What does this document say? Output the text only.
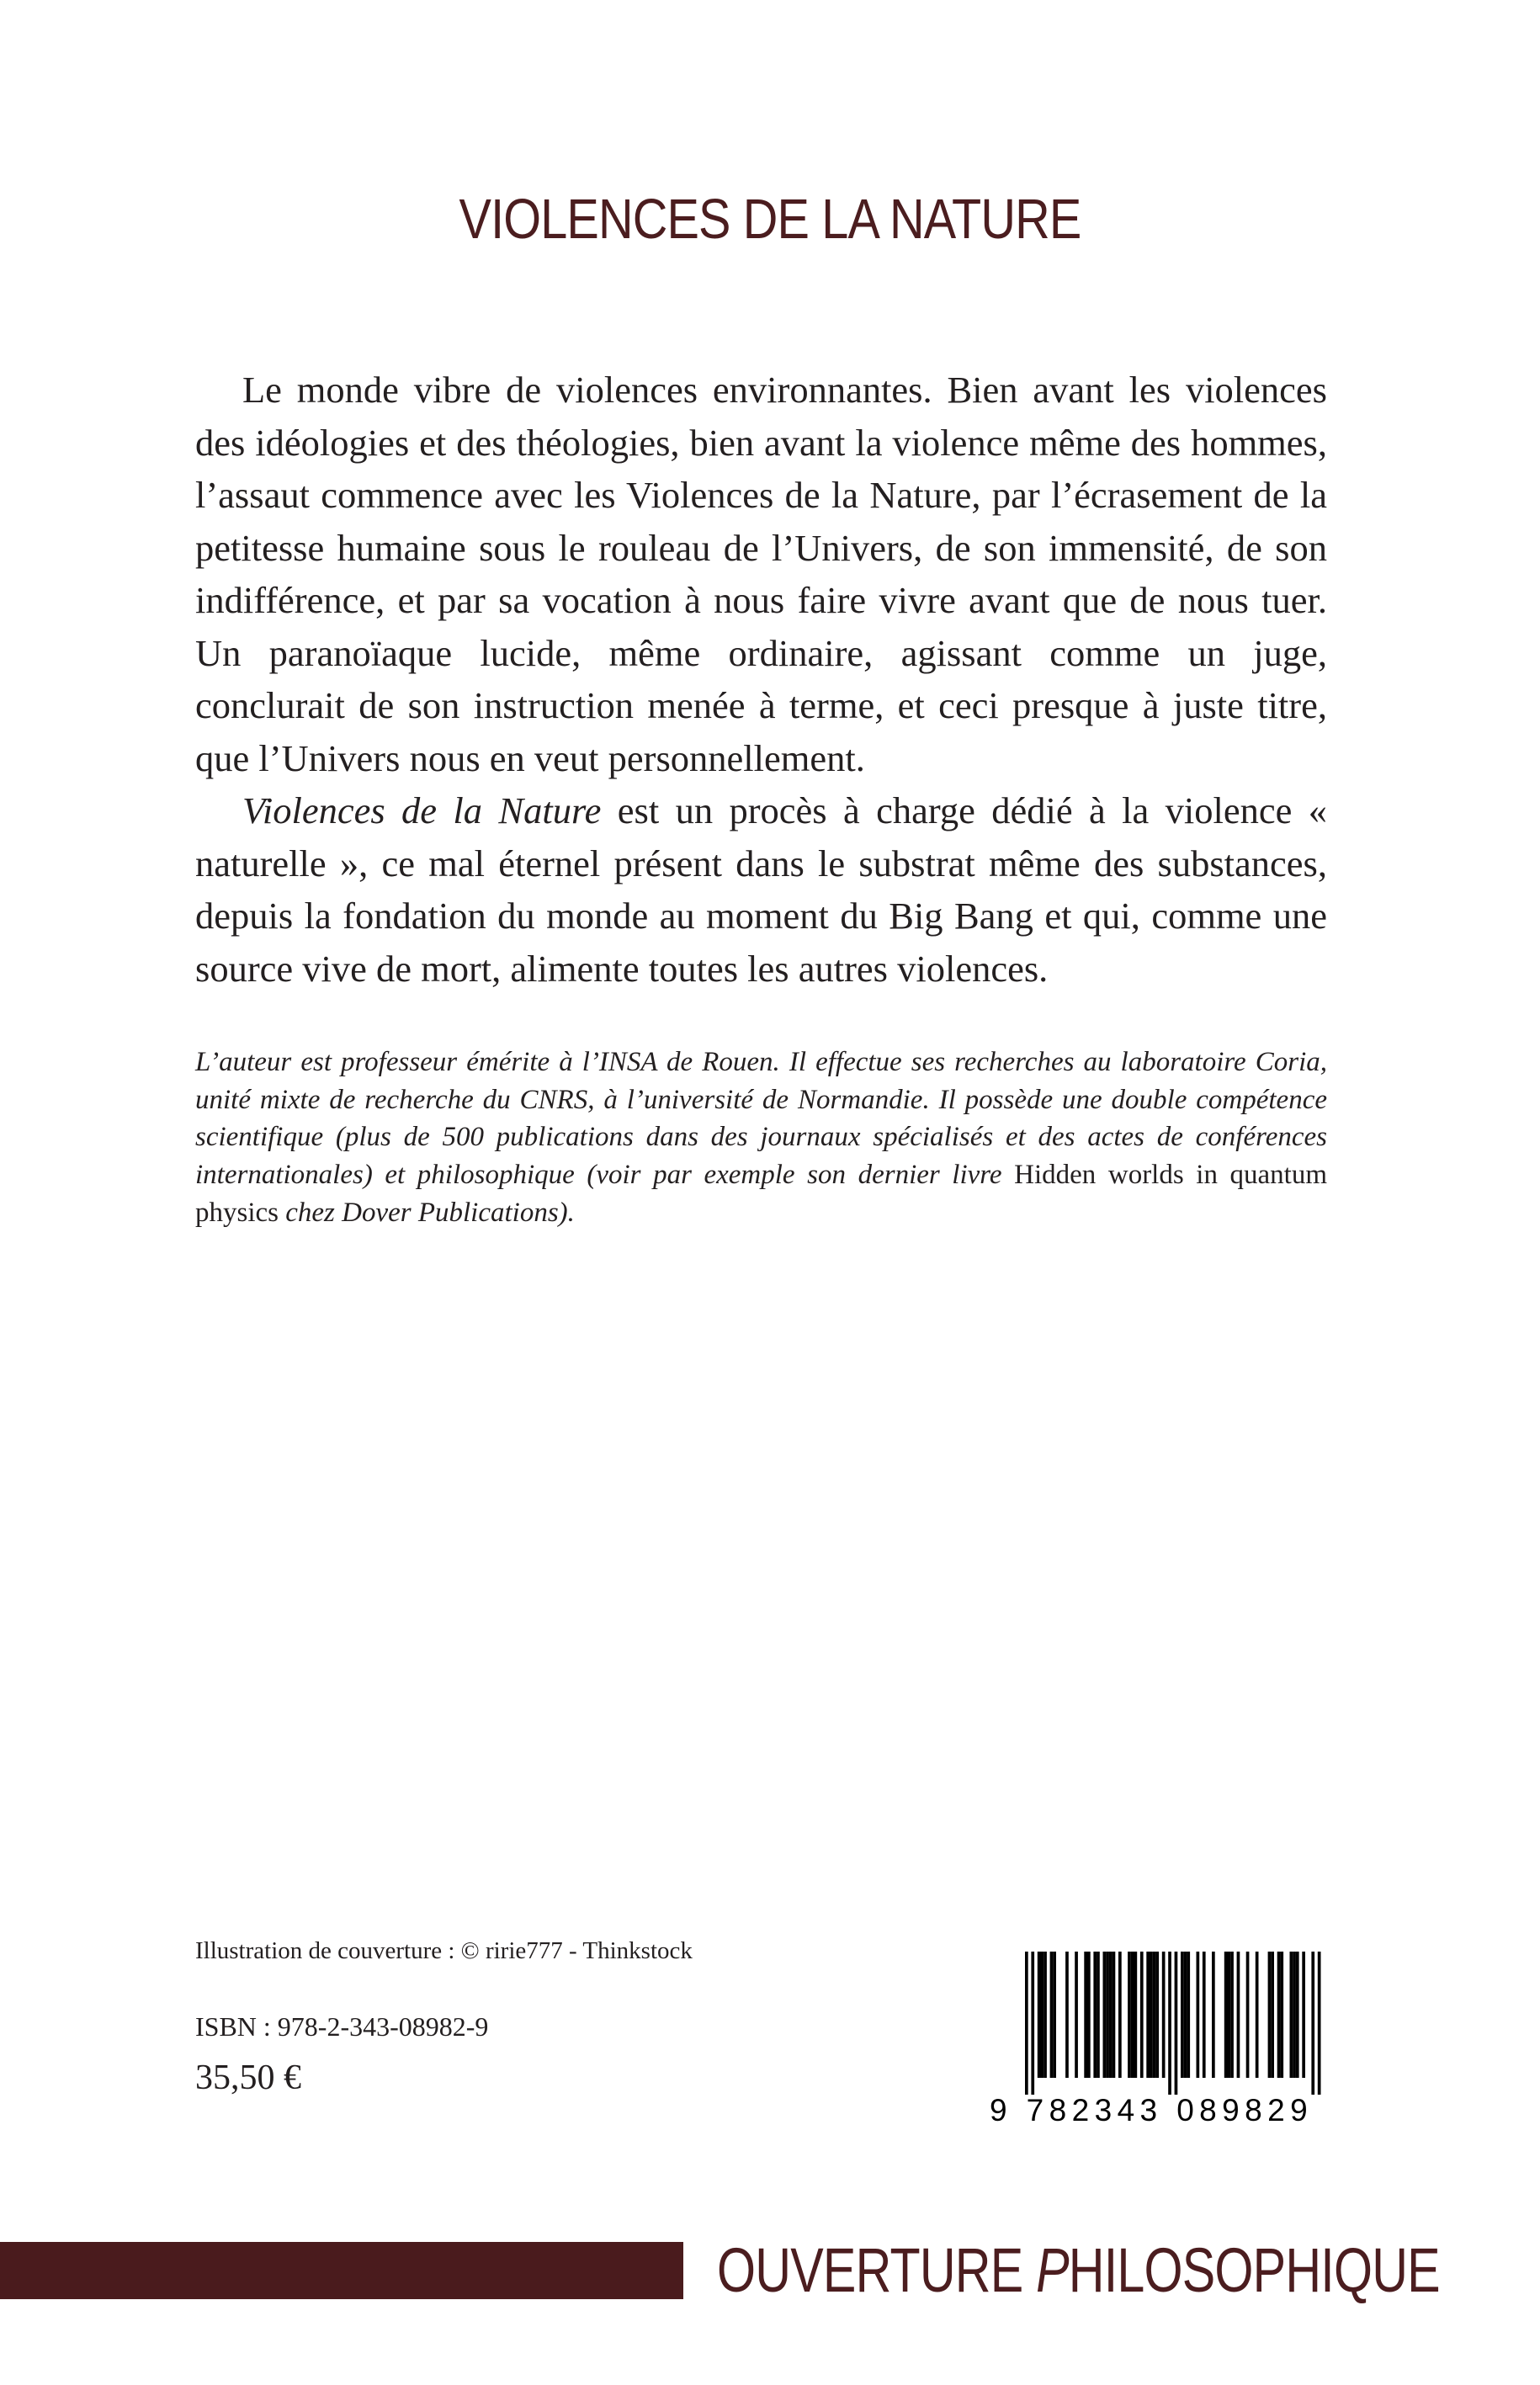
VIOLENCES DE LA NATURE

Le monde vibre de violences environnantes. Bien avant les violences des idéologies et des théologies, bien avant la violence même des hommes, l’assaut commence avec les Violences de la Nature, par l’écrasement de la petitesse humaine sous le rouleau de l’Univers, de son immensité, de son indifférence, et par sa vocation à nous faire vivre avant que de nous tuer. Un paranoïaque lucide, même ordinaire, agissant comme un juge, conclurait de son instruction menée à terme, et ceci presque à juste titre, que l’Univers nous en veut personnellement.

Violences de la Nature est un procès à charge dédié à la violence « naturelle », ce mal éternel présent dans le substrat même des substances, depuis la fondation du monde au moment du Big Bang et qui, comme une source vive de mort, alimente toutes les autres violences.

L’auteur est professeur émérite à l’INSA de Rouen. Il effectue ses recherches au laboratoire Coria, unité mixte de recherche du CNRS, à l’université de Normandie. Il possède une double compétence scientifique (plus de 500 publications dans des journaux spécialisés et des actes de conférences internationales) et philosophique (voir par exemple son dernier livre Hidden worlds in quantum physics chez Dover Publications).

Illustration de couverture : © ririe777 - Thinkstock

ISBN : 978-2-343-08982-9

35,50 €

9 782343 089829

OUVERTURE PHILOSOPHIQUE
